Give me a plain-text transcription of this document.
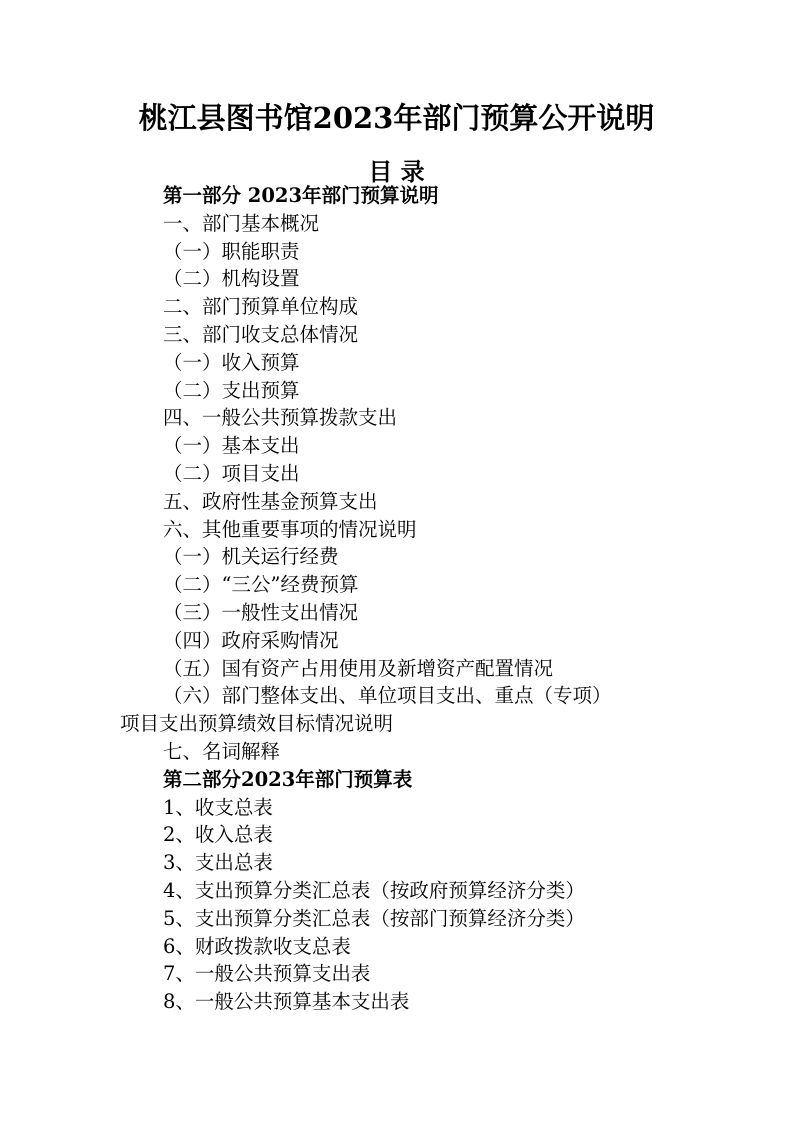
桃江县图书馆2023年部门预算公开说明
目 录
第一部分 2023年部门预算说明
一、部门基本概况
（一）职能职责
（二）机构设置
二、部门预算单位构成
三、部门收支总体情况
（一）收入预算
（二）支出预算
四、一般公共预算拨款支出
（一）基本支出
（二）项目支出
五、政府性基金预算支出
六、其他重要事项的情况说明
（一）机关运行经费
（二）“三公”经费预算
（三）一般性支出情况
（四）政府采购情况
（五）国有资产占用使用及新增资产配置情况
（六）部门整体支出、单位项目支出、重点（专项）
项目支出预算绩效目标情况说明
七、名词解释
第二部分2023年部门预算表
1、收支总表
2、收入总表
3、支出总表
4、支出预算分类汇总表（按政府预算经济分类）
5、支出预算分类汇总表（按部门预算经济分类）
6、财政拨款收支总表
7、一般公共预算支出表
8、一般公共预算基本支出表
